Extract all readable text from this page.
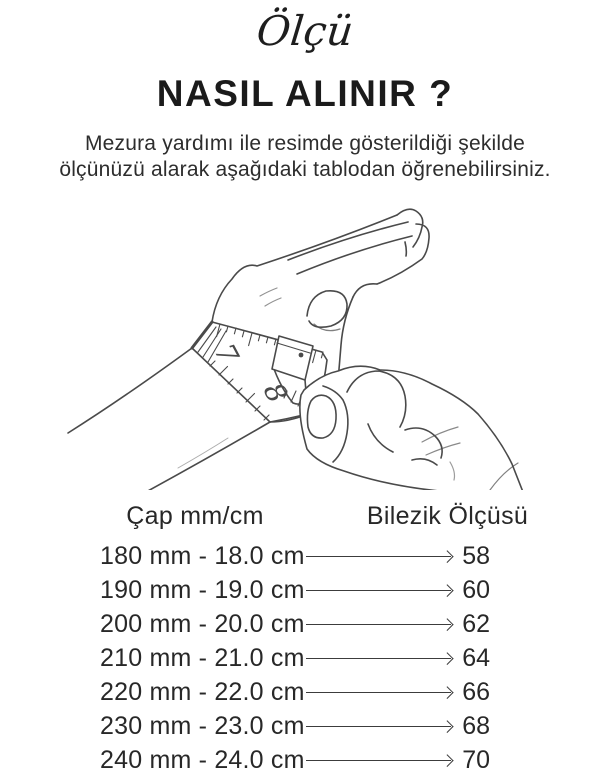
Ölçü
NASIL ALINIR ?
Mezura yardımı ile resimde gösterildiği şekilde
ölçünüzü alarak aşağıdaki tablodan öğrenebilirsiniz.
7
8
Çap mm/cm	Bilezik Ölçüsü
180 mm - 18.0 cm	58
190 mm - 19.0 cm	60
200 mm - 20.0 cm	62
210 mm - 21.0 cm	64
220 mm - 22.0 cm	66
230 mm - 23.0 cm	68
240 mm - 24.0 cm	70
